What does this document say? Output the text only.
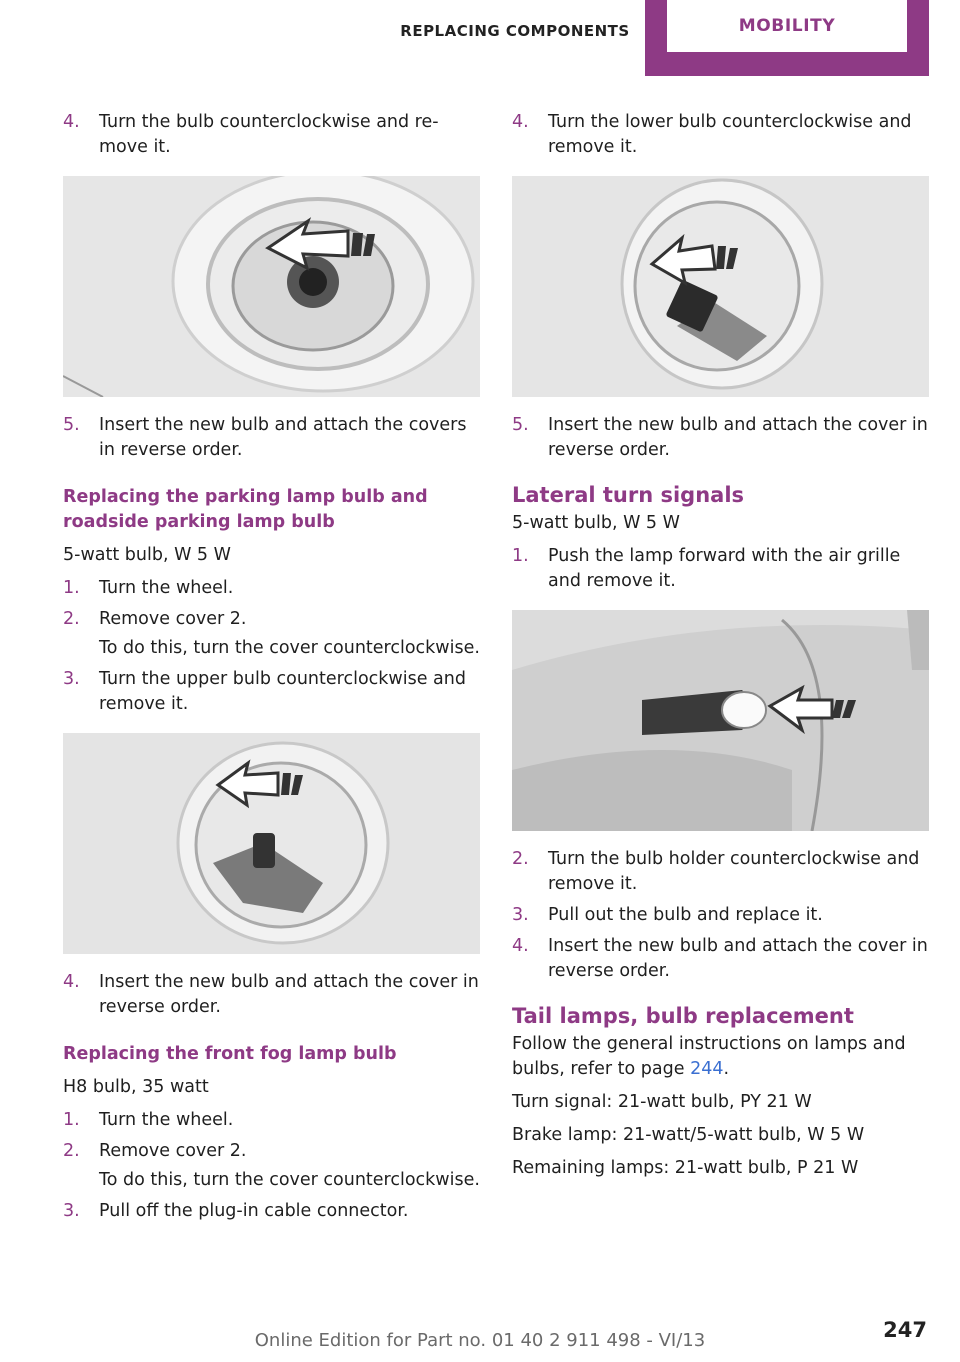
REPLACING COMPONENTS	MOBILITY
4.	Turn the bulb counterclockwise and re‐move it.
5.	Insert the new bulb and attach the covers in reverse order.
Replacing the parking lamp bulb and roadside parking lamp bulb
5-watt bulb, W 5 W
1.	Turn the wheel.
2.	Remove cover 2.
To do this, turn the cover counterclockwise.
3.	Turn the upper bulb counterclockwise and remove it.
4.	Insert the new bulb and attach the cover in reverse order.
Replacing the front fog lamp bulb
H8 bulb, 35 watt
1.	Turn the wheel.
2.	Remove cover 2.
To do this, turn the cover counterclockwise.
3.	Pull off the plug-in cable connector.
4.	Turn the lower bulb counterclockwise and remove it.
5.	Insert the new bulb and attach the cover in reverse order.
Lateral turn signals
5-watt bulb, W 5 W
1.	Push the lamp forward with the air grille and remove it.
2.	Turn the bulb holder counterclockwise and remove it.
3.	Pull out the bulb and replace it.
4.	Insert the new bulb and attach the cover in reverse order.
Tail lamps, bulb replacement
Follow the general instructions on lamps and bulbs, refer to page 244.
Turn signal: 21-watt bulb, PY 21 W
Brake lamp: 21-watt/5-watt bulb, W 5 W
Remaining lamps: 21-watt bulb, P 21 W
Online Edition for Part no. 01 40 2 911 498 - VI/13	247
